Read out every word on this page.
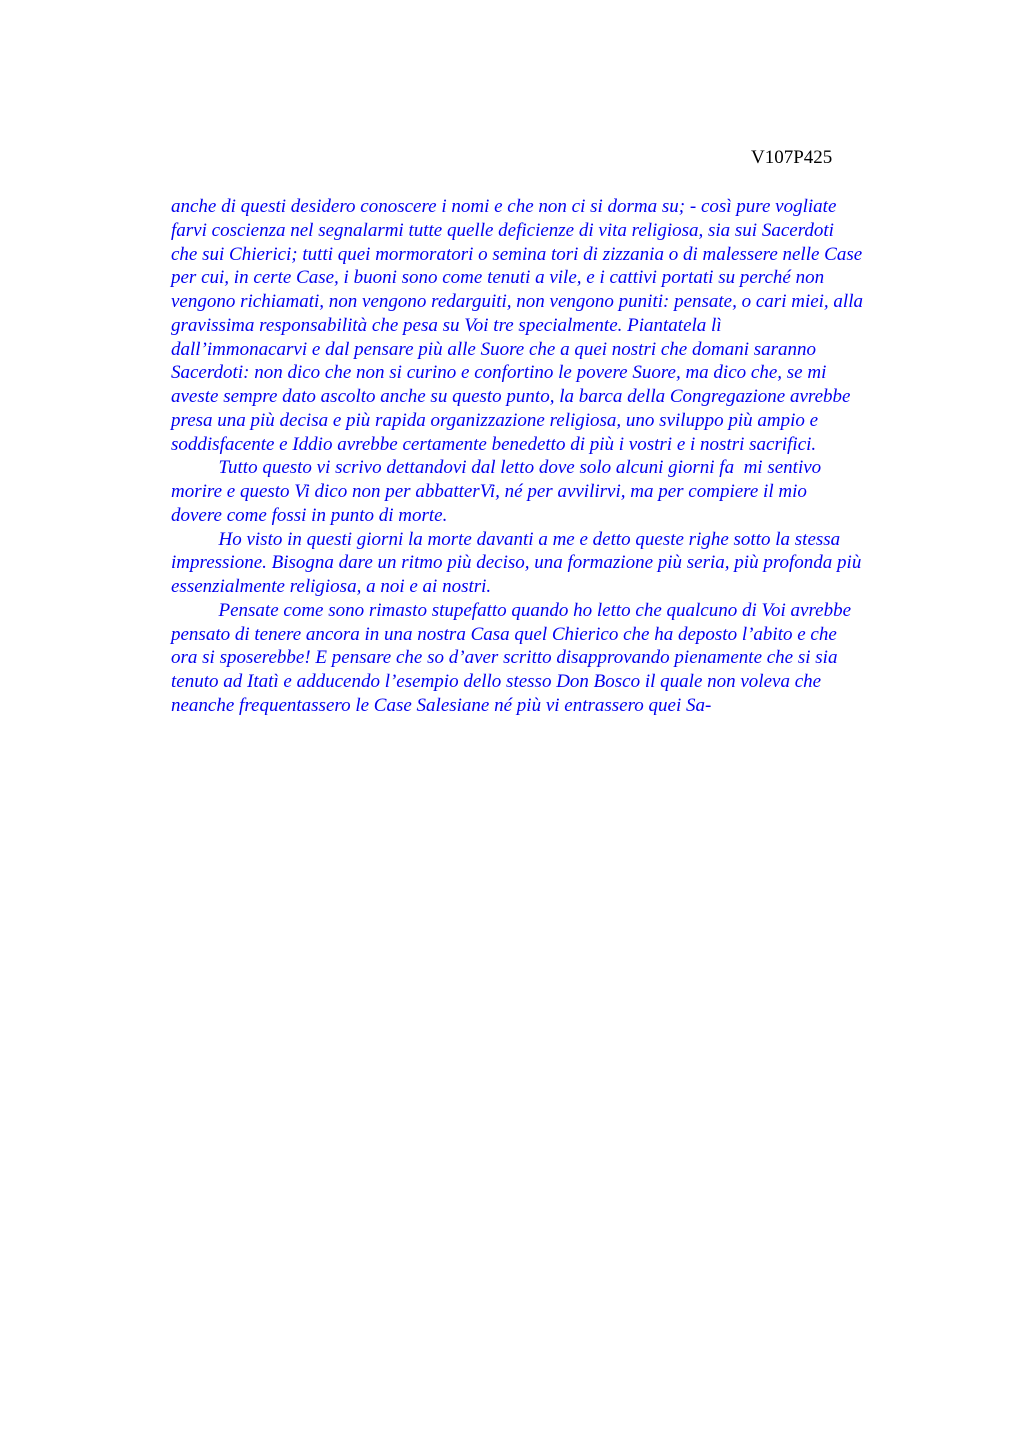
V107P425
anche di questi desidero conoscere i nomi e che non ci si dorma su; - così pure vogliate
farvi coscienza nel segnalarmi tutte quelle deficienze di vita religiosa, sia sui Sacerdoti
che sui Chierici; tutti quei mormoratori o semina tori di zizzania o di malessere nelle Case
per cui, in certe Case, i buoni sono come tenuti a vile, e i cattivi portati su perché non
vengono richiamati, non vengono redarguiti, non vengono puniti: pensate, o cari miei, alla
gravissima responsabilità che pesa su Voi tre specialmente. Piantatela lì
dall’immonacarvi e dal pensare più alle Suore che a quei nostri che domani saranno
Sacerdoti: non dico che non si curino e confortino le povere Suore, ma dico che, se mi
aveste sempre dato ascolto anche su questo punto, la barca della Congregazione avrebbe
presa una più decisa e più rapida organizzazione religiosa, uno sviluppo più ampio e
soddisfacente e Iddio avrebbe certamente benedetto di più i vostri e i nostri sacrifici.
Tutto questo vi scrivo dettandovi dal letto dove solo alcuni giorni fa  mi sentivo
morire e questo Vi dico non per abbatterVi, né per avvilirvi, ma per compiere il mio
dovere come fossi in punto di morte.
Ho visto in questi giorni la morte davanti a me e detto queste righe sotto la stessa
impressione. Bisogna dare un ritmo più deciso, una formazione più seria, più profonda più
essenzialmente religiosa, a noi e ai nostri.
Pensate come sono rimasto stupefatto quando ho letto che qualcuno di Voi avrebbe
pensato di tenere ancora in una nostra Casa quel Chierico che ha deposto l’abito e che
ora si sposerebbe! E pensare che so d’aver scritto disapprovando pienamente che si sia
tenuto ad Itatì e adducendo l’esempio dello stesso Don Bosco il quale non voleva che
neanche frequentassero le Case Salesiane né più vi entrassero quei Sa-
